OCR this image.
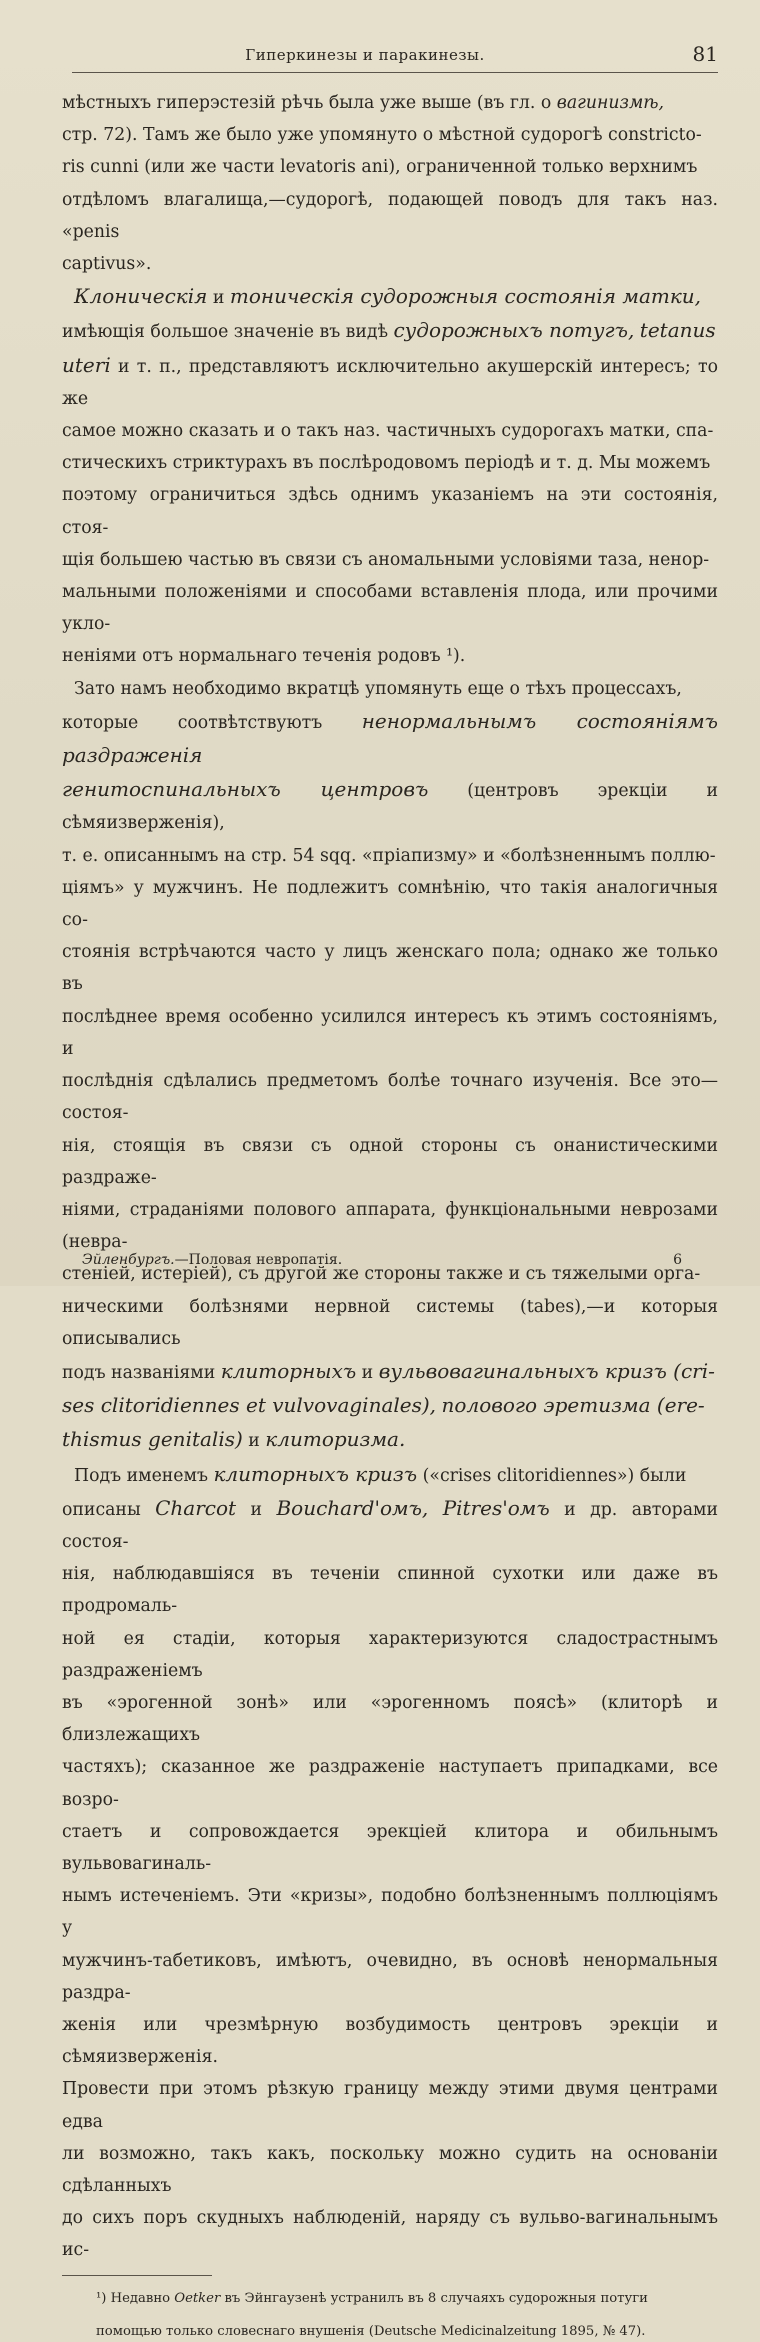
Гиперкинезы и паракинезы.	81

мѣстныхъ гиперэстезій рѣчь была уже выше (въ гл. о вагинизмѣ,

стр. 72). Тамъ же было уже упомянуто о мѣстной судорогѣ constricto-

ris cunni (или же части levatoris ani), ограниченной только верхнимъ

отдѣломъ влагалища,—судорогѣ, подающей поводъ для такъ наз. «penis

captivus».

Клоническія и тоническія судорожныя состоянія матки,

имѣющія большое значеніе въ видѣ судорожныхъ потугъ, tetanus

uteri и т. п., представляютъ исключительно акушерскій интересъ; то же

самое можно сказать и о такъ наз. частичныхъ судорогахъ матки, спа-

стическихъ стриктурахъ въ послѣродовомъ періодѣ и т. д. Мы можемъ

поэтому ограничиться здѣсь однимъ указаніемъ на эти состоянія, стоя-

щія большею частью въ связи съ аномальными условіями таза, ненор-

мальными положеніями и способами вставленія плода, или прочими укло-

неніями отъ нормальнаго теченія родовъ ¹).

Зато намъ необходимо вкратцѣ упомянуть еще о тѣхъ процессахъ,

которые соотвѣтствуютъ ненормальнымъ состояніямъ раздраженія

генитоспинальныхъ центровъ (центровъ эрекціи и сѣмяизверженія),

т. е. описаннымъ на стр. 54 sqq. «пріапизму» и «болѣзненнымъ поллю-

ціямъ» у мужчинъ. Не подлежитъ сомнѣнію, что такія аналогичныя со-

стоянія встрѣчаются часто у лицъ женскаго пола; однако же только въ

послѣднее время особенно усилился интересъ къ этимъ состояніямъ, и

послѣднія сдѣлались предметомъ болѣе точнаго изученія. Все это—состоя-

нія, стоящія въ связи съ одной стороны съ онанистическими раздраже-

ніями, страданіями полового аппарата, функціональными неврозами (невра-

стеніей, истеріей), съ другой же стороны также и съ тяжелыми орга-

ническими болѣзнями нервной системы (tabes),—и которыя описывались

подъ названіями клиторныхъ и вульвовагинальныхъ кризъ (cri-

ses clitoridiennes et vulvovaginales), полового эретизма (ere-

thismus genitalis) и клиторизма.

Подъ именемъ клиторныхъ кризъ («crises clitoridiennes») были

описаны Charcot и Bouchard'омъ, Pitres'омъ и др. авторами состоя-

нія, наблюдавшіяся въ теченіи спинной сухотки или даже въ продромаль-

ной ея стадіи, которыя характеризуются сладострастнымъ раздраженіемъ

въ «эрогенной зонѣ» или «эрогенномъ поясѣ» (клиторѣ и близлежащихъ

частяхъ); сказанное же раздраженіе наступаетъ припадками, все возро-

стаетъ и сопровождается эрекціей клитора и обильнымъ вульвовагиналь-

нымъ истеченіемъ. Эти «кризы», подобно болѣзненнымъ поллюціямъ у

мужчинъ-табетиковъ, имѣютъ, очевидно, въ основѣ ненормальныя раздра-

женія или чрезмѣрную возбудимость центровъ эрекціи и сѣмяизверженія.

Провести при этомъ рѣзкую границу между этими двумя центрами едва

ли возможно, такъ какъ, поскольку можно судить на основаніи сдѣланныхъ

до сихъ поръ скудныхъ наблюденій, наряду съ вульво-вагинальнымъ ис-

¹) Недавно Oetker въ Эйнгаузенѣ устранилъ въ 8 случаяхъ судорожныя потуги

помощью только словеснаго внушенія (Deutsche Medicinalzeitung 1895, № 47).

Эйленбургъ.—Половая невропатія.	6
